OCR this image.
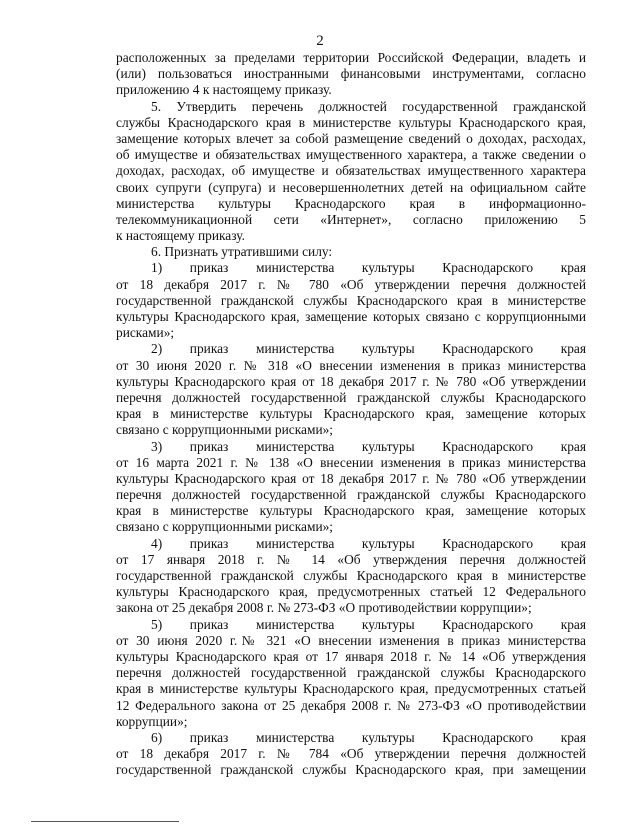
2
расположенных за пределами территории Российской Федерации, владеть и
(или) пользоваться иностранными финансовыми инструментами, согласно
приложению 4 к настоящему приказу.
5. Утвердить перечень должностей государственной гражданской
службы Краснодарского края в министерстве культуры Краснодарского края,
замещение которых влечет за собой размещение сведений о доходах, расходах,
об имуществе и обязательствах имущественного характера, а также сведении о
доходах, расходах, об имуществе и обязательствах имущественного характера
своих супруги (супруга) и несовершеннолетних детей на официальном сайте
министерства культуры Краснодарского края в информационно-
телекоммуникационной сети «Интернет», согласно приложению 5
к настоящему приказу.
6. Признать утратившими силу:
1) приказ министерства культуры Краснодарского края
от 18 декабря 2017 г. № 780 «Об утверждении перечня должностей
государственной гражданской службы Краснодарского края в министерстве
культуры Краснодарского края, замещение которых связано с коррупционными
рисками»;
2) приказ министерства культуры Краснодарского края
от 30 июня 2020 г. № 318 «О внесении изменения в приказ министерства
культуры Краснодарского края от 18 декабря 2017 г. № 780 «Об утверждении
перечня должностей государственной гражданской службы Краснодарского
края в министерстве культуры Краснодарского края, замещение которых
связано с коррупционными рисками»;
3) приказ министерства культуры Краснодарского края
от 16 марта 2021 г. № 138 «О внесении изменения в приказ министерства
культуры Краснодарского края от 18 декабря 2017 г. № 780 «Об утверждении
перечня должностей государственной гражданской службы Краснодарского
края в министерстве культуры Краснодарского края, замещение которых
связано с коррупционными рисками»;
4) приказ министерства культуры Краснодарского края
от 17 января 2018 г. № 14 «Об утверждения перечня должностей
государственной гражданской службы Краснодарского края в министерстве
культуры Краснодарского края, предусмотренных статьей 12 Федерального
закона от 25 декабря 2008 г. № 273-ФЗ «О противодействии коррупции»;
5) приказ министерства культуры Краснодарского края
от 30 июня 2020 г.№ 321 «О внесении изменения в приказ министерства
культуры Краснодарского края от 17 января 2018 г. № 14 «Об утверждения
перечня должностей государственной гражданской службы Краснодарского
края в министерстве культуры Краснодарского края, предусмотренных статьей
12 Федерального закона от 25 декабря 2008 г. № 273-ФЗ «О противодействии
коррупции»;
6) приказ министерства культуры Краснодарского края
от 18 декабря 2017 г. № 784 «Об утверждении перечня должностей
государственной гражданской службы Краснодарского края, при замещении
